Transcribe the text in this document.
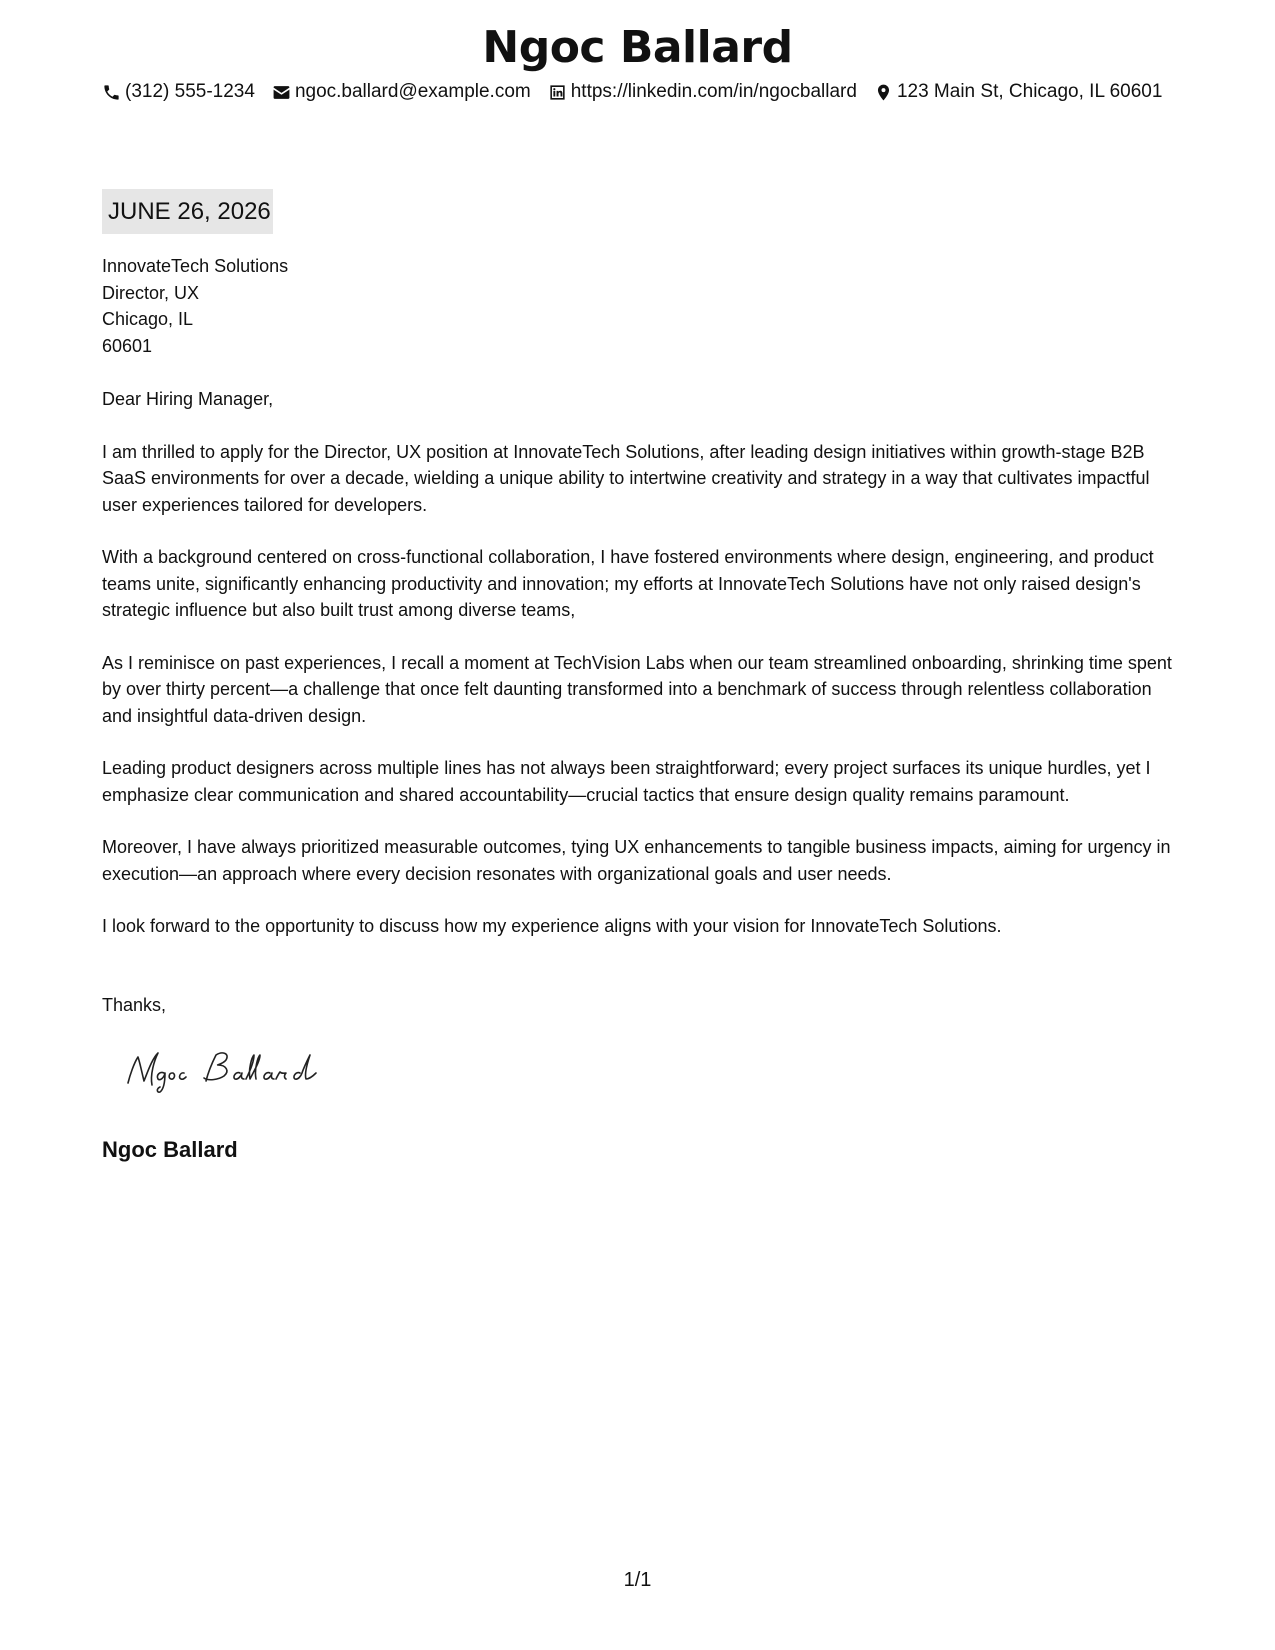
Ngoc Ballard
(312) 555-1234 ngoc.ballard@example.com https://linkedin.com/in/ngocballard 123 Main St, Chicago, IL 60601
JUNE 26, 2026
InnovateTech Solutions
Director, UX
Chicago, IL
60601

Dear Hiring Manager,

I am thrilled to apply for the Director, UX position at InnovateTech Solutions, after leading design initiatives within growth-stage B2B SaaS environments for over a decade, wielding a unique ability to intertwine creativity and strategy in a way that cultivates impactful user experiences tailored for developers.

With a background centered on cross-functional collaboration, I have fostered environments where design, engineering, and product teams unite, significantly enhancing productivity and innovation; my efforts at InnovateTech Solutions have not only raised design's strategic influence but also built trust among diverse teams,

As I reminisce on past experiences, I recall a moment at TechVision Labs when our team streamlined onboarding, shrinking time spent by over thirty percent—a challenge that once felt daunting transformed into a benchmark of success through relentless collaboration and insightful data-driven design.

Leading product designers across multiple lines has not always been straightforward; every project surfaces its unique hurdles, yet I emphasize clear communication and shared accountability—crucial tactics that ensure design quality remains paramount.

Moreover, I have always prioritized measurable outcomes, tying UX enhancements to tangible business impacts, aiming for urgency in execution—an approach where every decision resonates with organizational goals and user needs.

I look forward to the opportunity to discuss how my experience aligns with your vision for InnovateTech Solutions.

Thanks,
Ngoc Ballard
1/1
